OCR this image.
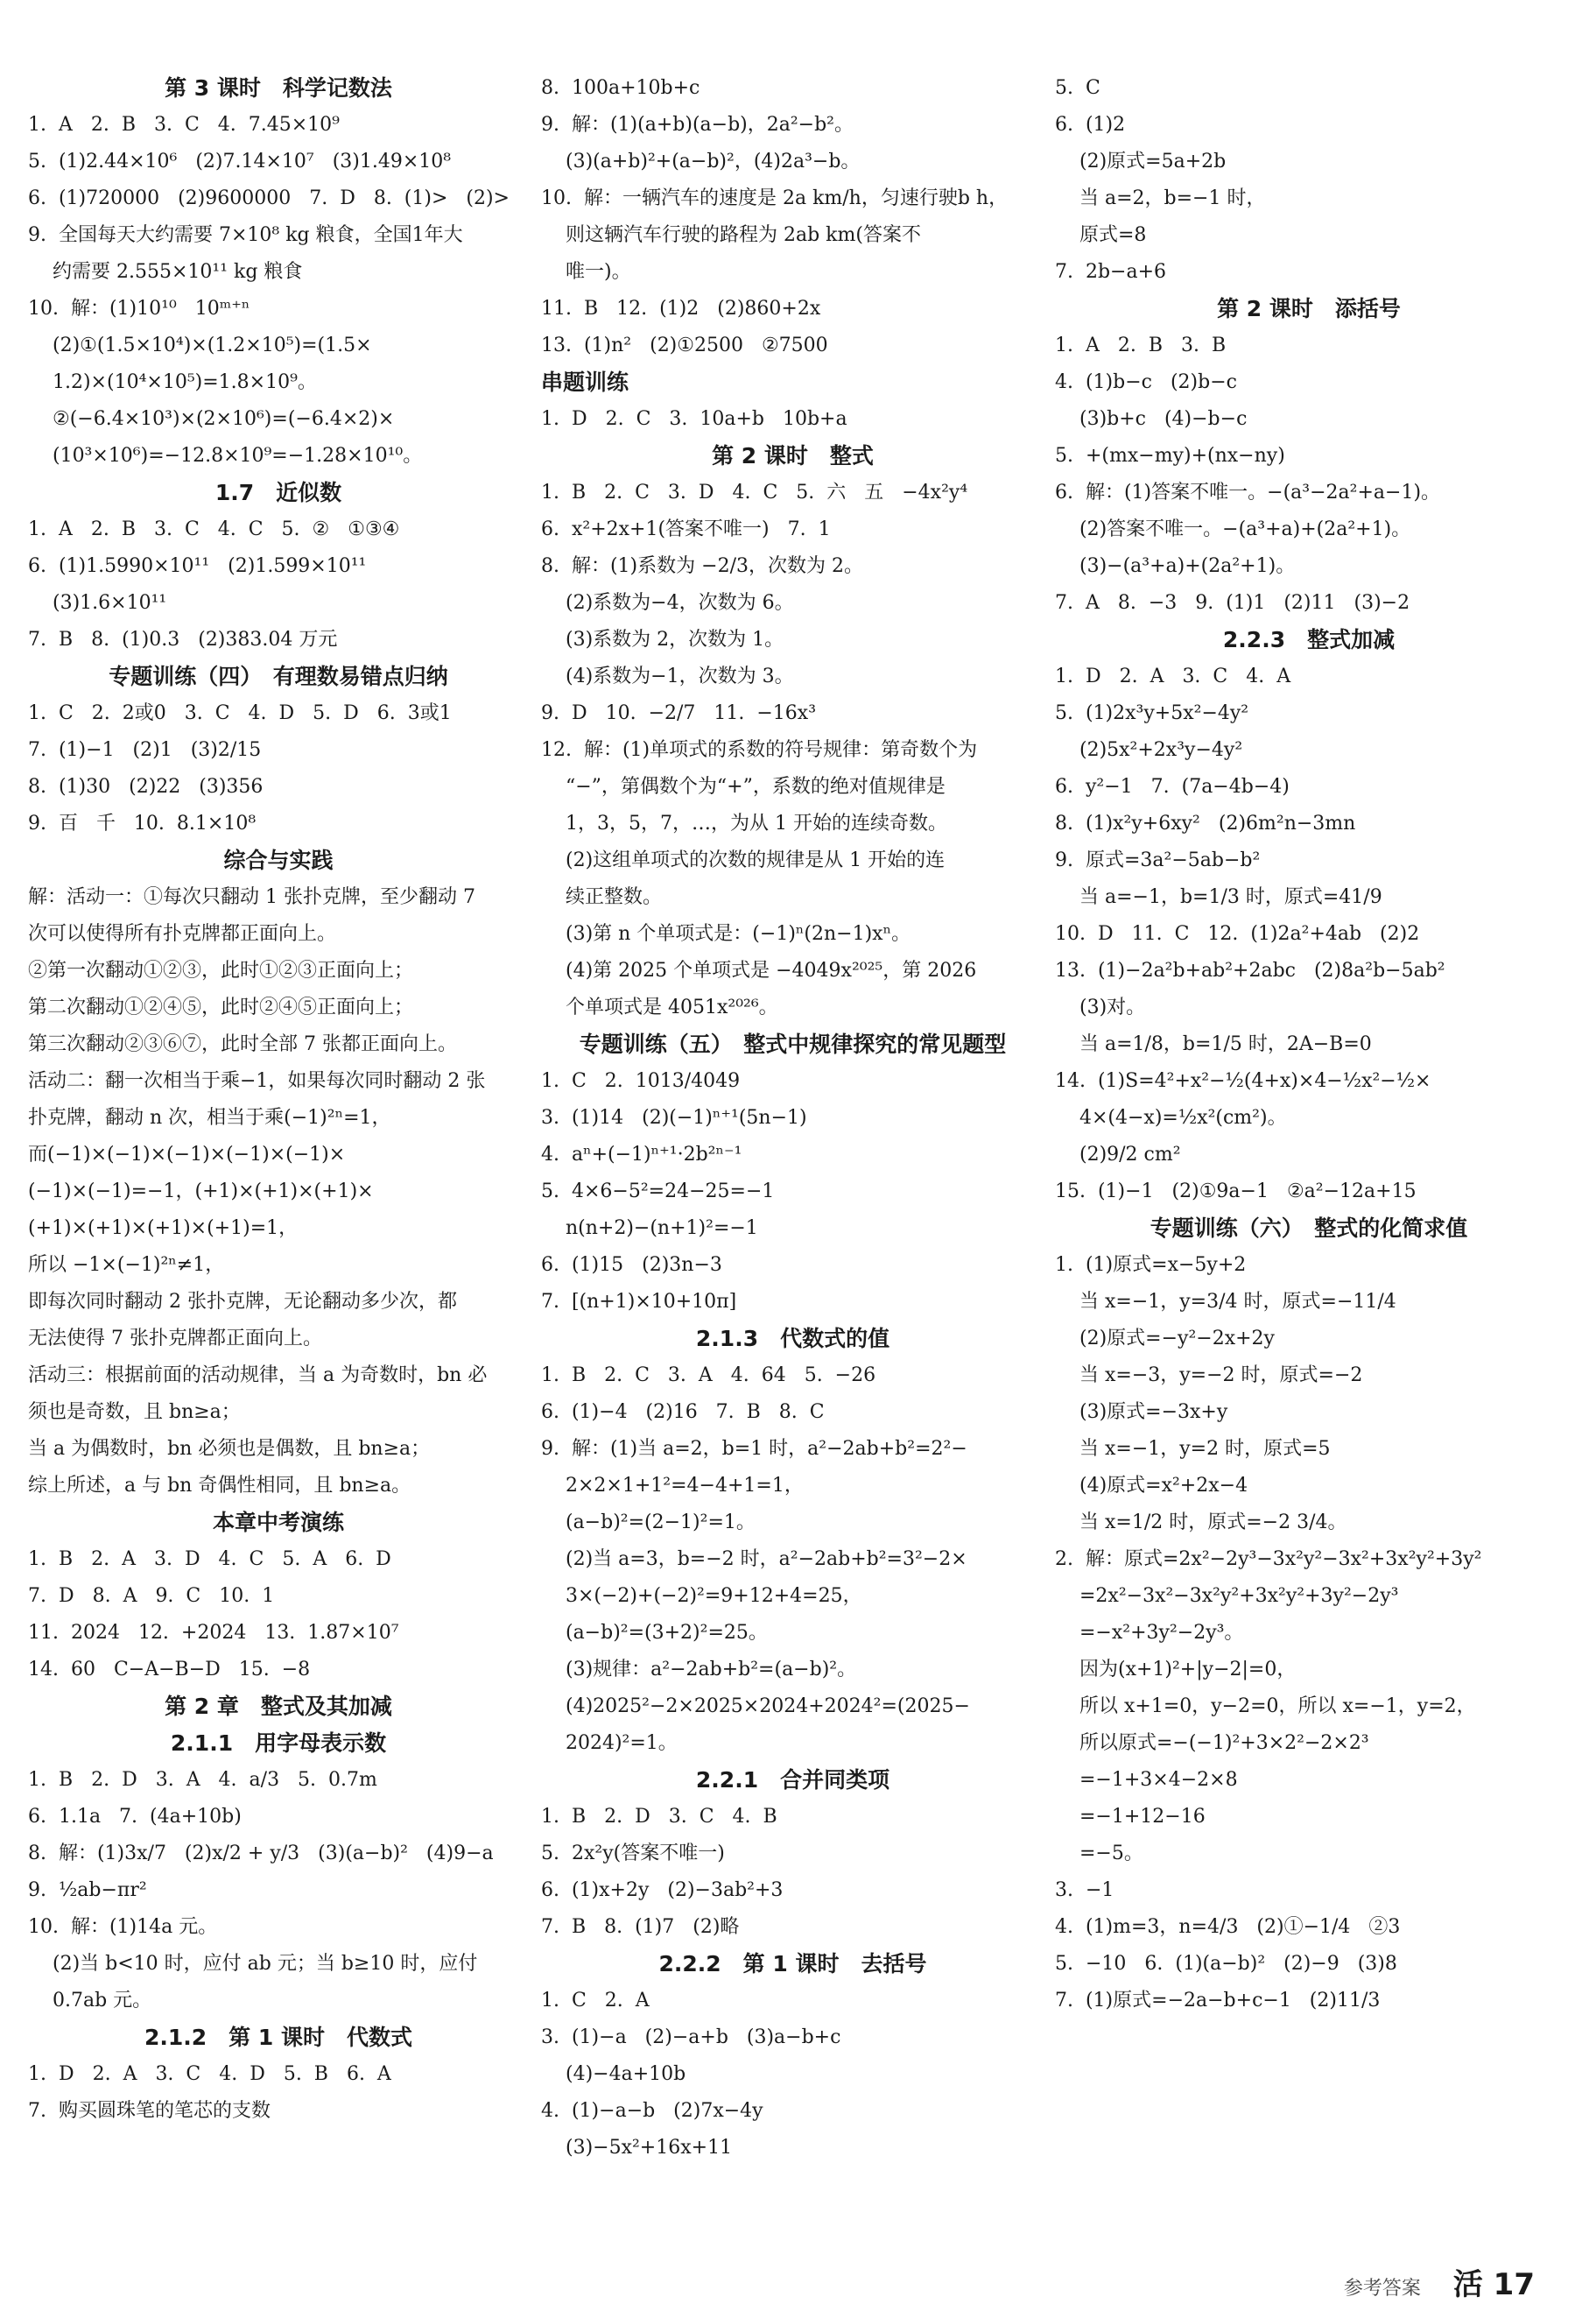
第 3 课时　科学记数法
1.  A   2.  B   3.  C   4.  7.45×10⁹
5.  (1)2.44×10⁶   (2)7.14×10⁷   (3)1.49×10⁸
6.  (1)720000   (2)9600000   7.  D   8.  (1)>   (2)>
9.  全国每天大约需要 7×10⁸ kg 粮食，全国1年大
约需要 2.555×10¹¹ kg 粮食
10.  解：(1)10¹⁰   10ᵐ⁺ⁿ
(2)①(1.5×10⁴)×(1.2×10⁵)=(1.5×
1.2)×(10⁴×10⁵)=1.8×10⁹。
②(−6.4×10³)×(2×10⁶)=(−6.4×2)×
(10³×10⁶)=−12.8×10⁹=−1.28×10¹⁰。
1.7　近似数
1.  A   2.  B   3.  C   4.  C   5.  ②   ①③④
6.  (1)1.5990×10¹¹   (2)1.599×10¹¹
(3)1.6×10¹¹
7.  B   8.  (1)0.3   (2)383.04 万元
专题训练（四）　有理数易错点归纳
1.  C   2.  2或0   3.  C   4.  D   5.  D   6.  3或1
7.  (1)−1   (2)1   (3)2/15
8.  (1)30   (2)22   (3)356
9.  百   千   10.  8.1×10⁸
综合与实践
解：活动一：①每次只翻动 1 张扑克牌，至少翻动 7
次可以使得所有扑克牌都正面向上。
②第一次翻动①②③，此时①②③正面向上；
第二次翻动①②④⑤，此时②④⑤正面向上；
第三次翻动②③⑥⑦，此时全部 7 张都正面向上。
活动二：翻一次相当于乘−1，如果每次同时翻动 2 张
扑克牌，翻动 n 次，相当于乘(−1)²ⁿ=1，
而(−1)×(−1)×(−1)×(−1)×(−1)×
(−1)×(−1)=−1，(+1)×(+1)×(+1)×
(+1)×(+1)×(+1)×(+1)=1，
所以 −1×(−1)²ⁿ≠1，
即每次同时翻动 2 张扑克牌，无论翻动多少次，都
无法使得 7 张扑克牌都正面向上。
活动三：根据前面的活动规律，当 a 为奇数时，bn 必
须也是奇数，且 bn≥a；
当 a 为偶数时，bn 必须也是偶数，且 bn≥a；
综上所述，a 与 bn 奇偶性相同，且 bn≥a。
本章中考演练
1.  B   2.  A   3.  D   4.  C   5.  A   6.  D
7.  D   8.  A   9.  C   10.  1
11.  2024   12.  +2024   13.  1.87×10⁷
14.  60   C−A−B−D   15.  −8
第 2 章　整式及其加减
2.1.1　用字母表示数
1.  B   2.  D   3.  A   4.  a/3   5.  0.7m
6.  1.1a   7.  (4a+10b)
8.  解：(1)3x/7   (2)x/2 + y/3   (3)(a−b)²   (4)9−a
9.  ½ab−πr²
10.  解：(1)14a 元。
(2)当 b<10 时，应付 ab 元；当 b≥10 时，应付
0.7ab 元。
2.1.2　第 1 课时　代数式
1.  D   2.  A   3.  C   4.  D   5.  B   6.  A
7.  购买圆珠笔的笔芯的支数
8.  100a+10b+c
9.  解：(1)(a+b)(a−b)，2a²−b²。
(3)(a+b)²+(a−b)²，(4)2a³−b。
10.  解：一辆汽车的速度是 2a km/h，匀速行驶b h，
则这辆汽车行驶的路程为 2ab km(答案不
唯一)。
11.  B   12.  (1)2   (2)860+2x
13.  (1)n²   (2)①2500   ②7500
串题训练
1.  D   2.  C   3.  10a+b   10b+a
第 2 课时　整式
1.  B   2.  C   3.  D   4.  C   5.  六   五   −4x²y⁴
6.  x²+2x+1(答案不唯一)   7.  1
8.  解：(1)系数为 −2/3，次数为 2。
(2)系数为−4，次数为 6。
(3)系数为 2，次数为 1。
(4)系数为−1，次数为 3。
9.  D   10.  −2/7   11.  −16x³
12.  解：(1)单项式的系数的符号规律：第奇数个为
“−”，第偶数个为“+”，系数的绝对值规律是
1，3，5，7，…，为从 1 开始的连续奇数。
(2)这组单项式的次数的规律是从 1 开始的连
续正整数。
(3)第 n 个单项式是：(−1)ⁿ(2n−1)xⁿ。
(4)第 2025 个单项式是 −4049x²⁰²⁵，第 2026
个单项式是 4051x²⁰²⁶。
专题训练（五）　整式中规律探究的常见题型
1.  C   2.  1013/4049
3.  (1)14   (2)(−1)ⁿ⁺¹(5n−1)
4.  aⁿ+(−1)ⁿ⁺¹·2b²ⁿ⁻¹
5.  4×6−5²=24−25=−1
n(n+2)−(n+1)²=−1
6.  (1)15   (2)3n−3
7.  [(n+1)×10+10π]
2.1.3　代数式的值
1.  B   2.  C   3.  A   4.  64   5.  −26
6.  (1)−4   (2)16   7.  B   8.  C
9.  解：(1)当 a=2，b=1 时，a²−2ab+b²=2²−
2×2×1+1²=4−4+1=1，
(a−b)²=(2−1)²=1。
(2)当 a=3，b=−2 时，a²−2ab+b²=3²−2×
3×(−2)+(−2)²=9+12+4=25，
(a−b)²=(3+2)²=25。
(3)规律：a²−2ab+b²=(a−b)²。
(4)2025²−2×2025×2024+2024²=(2025−
2024)²=1。
2.2.1　合并同类项
1.  B   2.  D   3.  C   4.  B
5.  2x²y(答案不唯一)
6.  (1)x+2y   (2)−3ab²+3
7.  B   8.  (1)7   (2)略
2.2.2　第 1 课时　去括号
1.  C   2.  A
3.  (1)−a   (2)−a+b   (3)a−b+c
(4)−4a+10b
4.  (1)−a−b   (2)7x−4y
(3)−5x²+16x+11
5.  C
6.  (1)2
(2)原式=5a+2b
当 a=2，b=−1 时，
原式=8
7.  2b−a+6
第 2 课时　添括号
1.  A   2.  B   3.  B
4.  (1)b−c   (2)b−c
(3)b+c   (4)−b−c
5.  +(mx−my)+(nx−ny)
6.  解：(1)答案不唯一。−(a³−2a²+a−1)。
(2)答案不唯一。−(a³+a)+(2a²+1)。
(3)−(a³+a)+(2a²+1)。
7.  A   8.  −3   9.  (1)1   (2)11   (3)−2
2.2.3　整式加减
1.  D   2.  A   3.  C   4.  A
5.  (1)2x³y+5x²−4y²
(2)5x²+2x³y−4y²
6.  y²−1   7.  (7a−4b−4)
8.  (1)x²y+6xy²   (2)6m²n−3mn
9.  原式=3a²−5ab−b²
当 a=−1，b=1/3 时，原式=41/9
10.  D   11.  C   12.  (1)2a²+4ab   (2)2
13.  (1)−2a²b+ab²+2abc   (2)8a²b−5ab²
(3)对。
当 a=1/8，b=1/5 时，2A−B=0
14.  (1)S=4²+x²−½(4+x)×4−½x²−½×
4×(4−x)=½x²(cm²)。
(2)9/2 cm²
15.  (1)−1   (2)①9a−1   ②a²−12a+15
专题训练（六）　整式的化简求值
1.  (1)原式=x−5y+2
当 x=−1，y=3/4 时，原式=−11/4
(2)原式=−y²−2x+2y
当 x=−3，y=−2 时，原式=−2
(3)原式=−3x+y
当 x=−1，y=2 时，原式=5
(4)原式=x²+2x−4
当 x=1/2 时，原式=−2 3/4。
2.  解：原式=2x²−2y³−3x²y²−3x²+3x²y²+3y²
=2x²−3x²−3x²y²+3x²y²+3y²−2y³
=−x²+3y²−2y³。
因为(x+1)²+|y−2|=0，
所以 x+1=0，y−2=0，所以 x=−1，y=2，
所以原式=−(−1)²+3×2²−2×2³
=−1+3×4−2×8
=−1+12−16
=−5。
3.  −1
4.  (1)m=3，n=4/3   (2)①−1/4   ②3
5.  −10   6.  (1)(a−b)²   (2)−9   (3)8
7.  (1)原式=−2a−b+c−1   (2)11/3
参考答案 活 17
